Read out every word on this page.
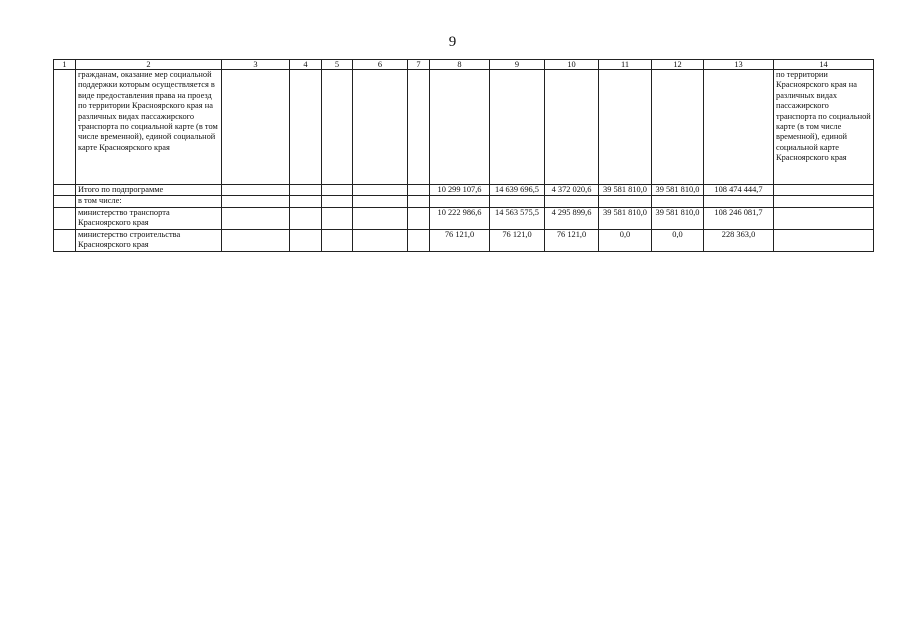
9
1	2	3	4	5	6	7	8	9	10	11	12	13	14
	гражданам, оказание мер социальной поддержки которым осуществляется в виде предоставления права на проезд по территории Красноярского края на различных видах пассажирского транспорта по социальной карте (в том числе временной), единой социальной карте Красноярского края												по территории Красноярского края на различных видах пассажирского транспорта по социальной карте (в том числе временной), единой социальной карте Красноярского края
	Итого по подпрограмме						10 299 107,6	14 639 696,5	4 372 020,6	39 581 810,0	39 581 810,0	108 474 444,7	
	в том числе:												
	министерство транспорта Красноярского края						10 222 986,6	14 563 575,5	4 295 899,6	39 581 810,0	39 581 810,0	108 246 081,7	
	министерство строительства Красноярского края						76 121,0	76 121,0	76 121,0	0,0	0,0	228 363,0	
